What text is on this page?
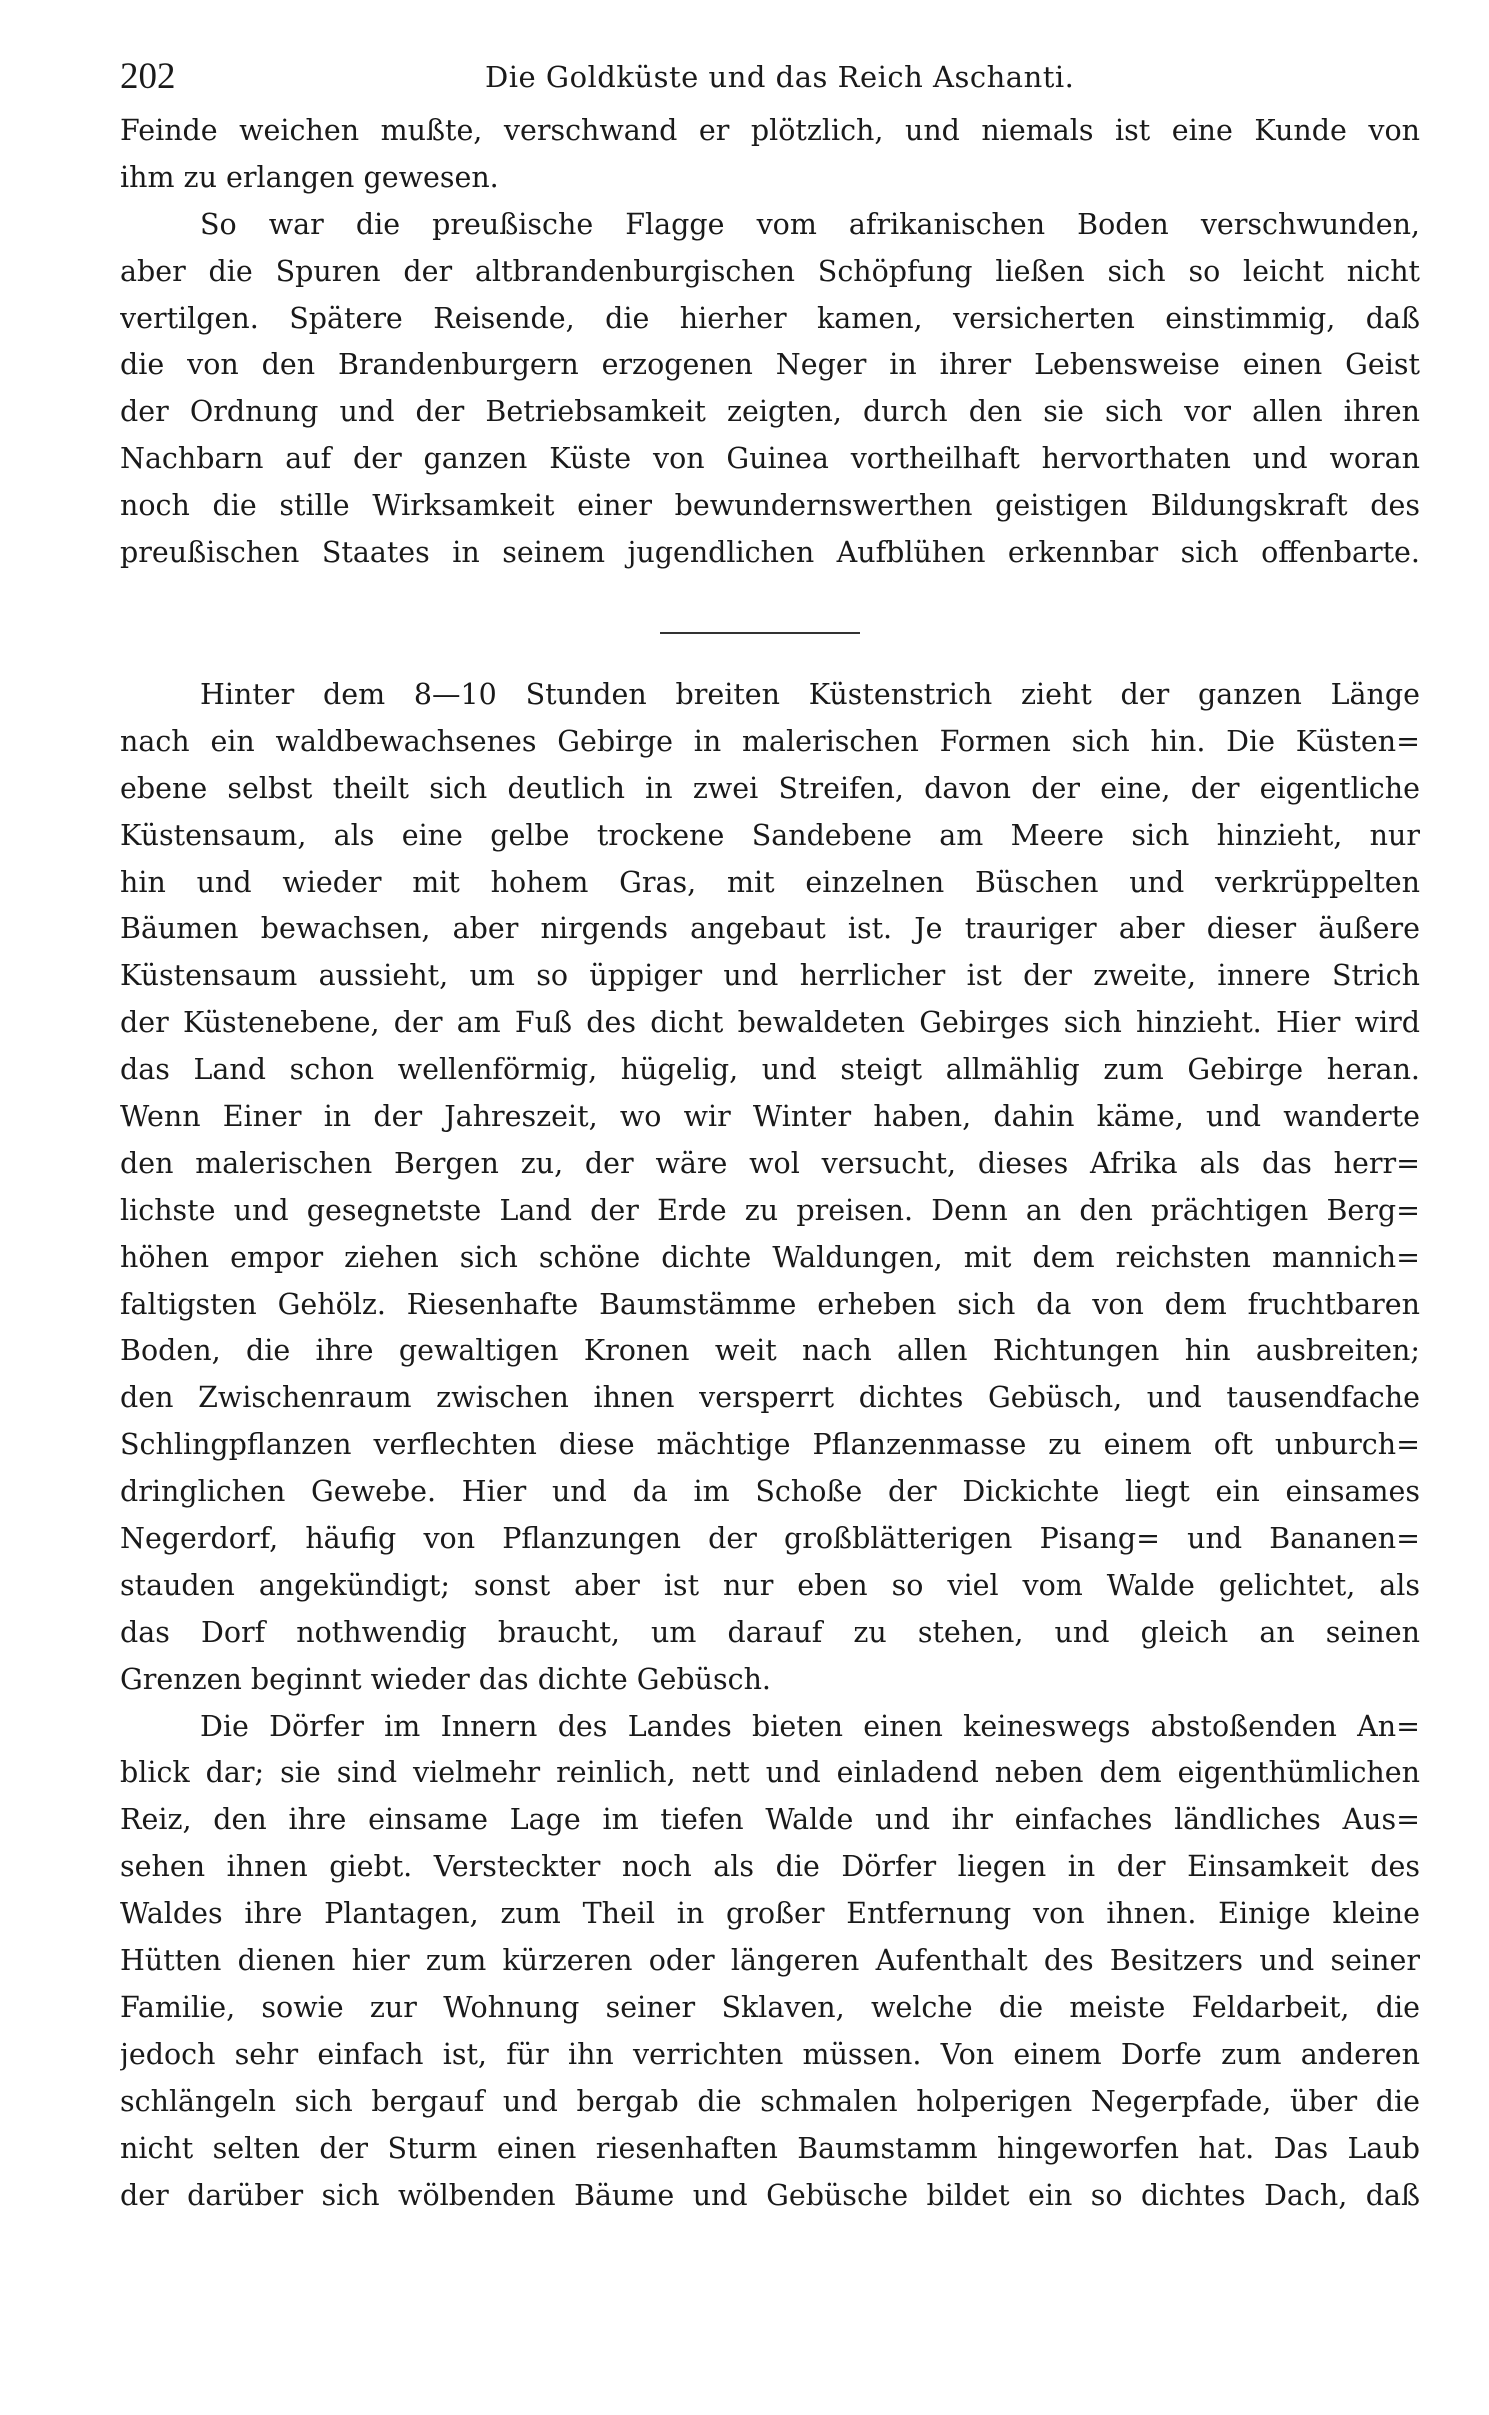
202	Die Goldküste und das Reich Aschanti.
Feinde weichen mußte, verschwand er plötzlich, und niemals ist eine Kunde von
ihm zu erlangen gewesen.
So war die preußische Flagge vom afrikanischen Boden verschwunden,
aber die Spuren der altbrandenburgischen Schöpfung ließen sich so leicht nicht
vertilgen. Spätere Reisende, die hierher kamen, versicherten einstimmig, daß
die von den Brandenburgern erzogenen Neger in ihrer Lebensweise einen Geist
der Ordnung und der Betriebsamkeit zeigten, durch den sie sich vor allen ihren
Nachbarn auf der ganzen Küste von Guinea vortheilhaft hervorthaten und woran
noch die stille Wirksamkeit einer bewundernswerthen geistigen Bildungskraft des
preußischen Staates in seinem jugendlichen Aufblühen erkennbar sich offenbarte.
Hinter dem 8—10 Stunden breiten Küstenstrich zieht der ganzen Länge
nach ein waldbewachsenes Gebirge in malerischen Formen sich hin. Die Küsten=
ebene selbst theilt sich deutlich in zwei Streifen, davon der eine, der eigentliche
Küstensaum, als eine gelbe trockene Sandebene am Meere sich hinzieht, nur
hin und wieder mit hohem Gras, mit einzelnen Büschen und verkrüppelten
Bäumen bewachsen, aber nirgends angebaut ist. Je trauriger aber dieser äußere
Küstensaum aussieht, um so üppiger und herrlicher ist der zweite, innere Strich
der Küstenebene, der am Fuß des dicht bewaldeten Gebirges sich hinzieht. Hier wird
das Land schon wellenförmig, hügelig, und steigt allmählig zum Gebirge heran.
Wenn Einer in der Jahreszeit, wo wir Winter haben, dahin käme, und wanderte
den malerischen Bergen zu, der wäre wol versucht, dieses Afrika als das herr=
lichste und gesegnetste Land der Erde zu preisen. Denn an den prächtigen Berg=
höhen empor ziehen sich schöne dichte Waldungen, mit dem reichsten mannich=
faltigsten Gehölz. Riesenhafte Baumstämme erheben sich da von dem fruchtbaren
Boden, die ihre gewaltigen Kronen weit nach allen Richtungen hin ausbreiten;
den Zwischenraum zwischen ihnen versperrt dichtes Gebüsch, und tausendfache
Schlingpflanzen verflechten diese mächtige Pflanzenmasse zu einem oft unburch=
dringlichen Gewebe. Hier und da im Schoße der Dickichte liegt ein einsames
Negerdorf, häufig von Pflanzungen der großblätterigen Pisang= und Bananen=
stauden angekündigt; sonst aber ist nur eben so viel vom Walde gelichtet, als
das Dorf nothwendig braucht, um darauf zu stehen, und gleich an seinen
Grenzen beginnt wieder das dichte Gebüsch.
Die Dörfer im Innern des Landes bieten einen keineswegs abstoßenden An=
blick dar; sie sind vielmehr reinlich, nett und einladend neben dem eigenthümlichen
Reiz, den ihre einsame Lage im tiefen Walde und ihr einfaches ländliches Aus=
sehen ihnen giebt. Versteckter noch als die Dörfer liegen in der Einsamkeit des
Waldes ihre Plantagen, zum Theil in großer Entfernung von ihnen. Einige kleine
Hütten dienen hier zum kürzeren oder längeren Aufenthalt des Besitzers und seiner
Familie, sowie zur Wohnung seiner Sklaven, welche die meiste Feldarbeit, die
jedoch sehr einfach ist, für ihn verrichten müssen. Von einem Dorfe zum anderen
schlängeln sich bergauf und bergab die schmalen holperigen Negerpfade, über die
nicht selten der Sturm einen riesenhaften Baumstamm hingeworfen hat. Das Laub
der darüber sich wölbenden Bäume und Gebüsche bildet ein so dichtes Dach, daß
